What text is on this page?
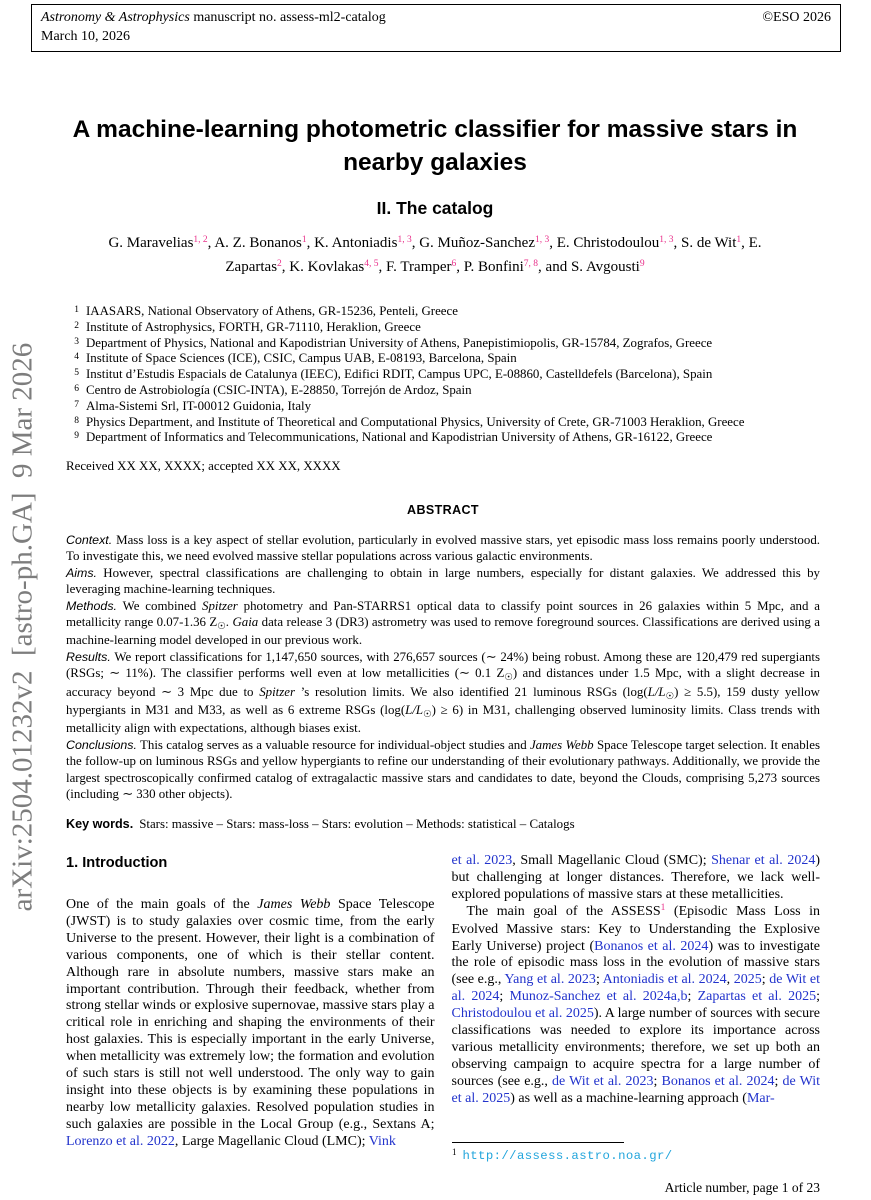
Astronomy & Astrophysics manuscript no. assess-ml2-catalog
March 10, 2026
©ESO 2026
arXiv:2504.01232v2  [astro-ph.GA]  9 Mar 2026
A machine-learning photometric classifier for massive stars in
nearby galaxies
II. The catalog
G. Maravelias$^{1, 2}$, A. Z. Bonanos$^1$, K. Antoniadis$^{1, 3}$, G. Muñoz-Sanchez$^{1, 3}$, E. Christodoulou$^{1, 3}$, S. de Wit$^1$, E.
Zapartas$^2$, K. Kovlakas$^{4, 5}$, F. Tramper$^6$, P. Bonfini$^{7, 8}$, and S. Avgousti$^9$
1 IAASARS, National Observatory of Athens, GR-15236, Penteli, Greece
2 Institute of Astrophysics, FORTH, GR-71110, Heraklion, Greece
3 Department of Physics, National and Kapodistrian University of Athens, Panepistimiopolis, GR-15784, Zografos, Greece
4 Institute of Space Sciences (ICE), CSIC, Campus UAB, E-08193, Barcelona, Spain
5 Institut d’Estudis Espacials de Catalunya (IEEC), Edifici RDIT, Campus UPC, E-08860, Castelldefels (Barcelona), Spain
6 Centro de Astrobiología (CSIC-INTA), E-28850, Torrejón de Ardoz, Spain
7 Alma-Sistemi Srl, IT-00012 Guidonia, Italy
8 Physics Department, and Institute of Theoretical and Computational Physics, University of Crete, GR-71003 Heraklion, Greece
9 Department of Informatics and Telecommunications, National and Kapodistrian University of Athens, GR-16122, Greece
Received XX XX, XXXX; accepted XX XX, XXXX
ABSTRACT

Context. Mass loss is a key aspect of stellar evolution, particularly in evolved massive stars, yet episodic mass loss remains poorly understood. To investigate this, we need evolved massive stellar populations across various galactic environments.

Aims. However, spectral classifications are challenging to obtain in large numbers, especially for distant galaxies. We addressed this by leveraging machine-learning techniques.

Methods. We combined Spitzer photometry and Pan-STARRS1 optical data to classify point sources in 26 galaxies within 5 Mpc, and a metallicity range 0.07-1.36 $Z_☉$. Gaia data release 3 (DR3) astrometry was used to remove foreground sources. Classifications are derived using a machine-learning model developed in our previous work.

Results. We report classifications for 1,147,650 sources, with 276,657 sources (∼ 24%) being robust. Among these are 120,479 red supergiants (RSGs; ∼ 11%). The classifier performs well even at low metallicities (∼ 0.1 $Z_☉$) and distances under 1.5 Mpc, with a slight decrease in accuracy beyond ∼ 3 Mpc due to Spitzer ’s resolution limits. We also identified 21 luminous RSGs $(\log(L/L_☉) \ge 5.5)$, 159 dusty yellow hypergiants in M31 and M33, as well as 6 extreme RSGs $(\log(L/L_☉) \ge 6)$ in M31, challenging observed luminosity limits. Class trends with metallicity align with expectations, although biases exist.

Conclusions. This catalog serves as a valuable resource for individual-object studies and James Webb Space Telescope target selection. It enables the follow-up on luminous RSGs and yellow hypergiants to refine our understanding of their evolutionary pathways. Additionally, we provide the largest spectroscopically confirmed catalog of extragalactic massive stars and candidates to date, beyond the Clouds, comprising 5,273 sources (including ∼ 330 other objects).

Key words. Stars: massive – Stars: mass-loss – Stars: evolution – Methods: statistical – Catalogs
1. Introduction

One of the main goals of the James Webb Space Telescope (JWST) is to study galaxies over cosmic time, from the early Universe to the present. However, their light is a combination of various components, one of which is their stellar content. Although rare in absolute numbers, massive stars make an important contribution. Through their feedback, whether from strong stellar winds or explosive supernovae, massive stars play a critical role in enriching and shaping the environments of their host galaxies. This is especially important in the early Universe, when metallicity was extremely low; the formation and evolution of such stars is still not well understood. The only way to gain insight into these objects is by examining these populations in nearby low metallicity galaxies. Resolved population studies in such galaxies are possible in the Local Group (e.g., Sextans A; Lorenzo et al. 2022, Large Magellanic Cloud (LMC); Vink

et al. 2023, Small Magellanic Cloud (SMC); Shenar et al. 2024) but challenging at longer distances. Therefore, we lack well-explored populations of massive stars at these metallicities.

The main goal of the ASSESS$^1$ (Episodic Mass Loss in Evolved Massive stars: Key to Understanding the Explosive Early Universe) project (Bonanos et al. 2024) was to investigate the role of episodic mass loss in the evolution of massive stars (see e.g., Yang et al. 2023; Antoniadis et al. 2024, 2025; de Wit et al. 2024; Munoz-Sanchez et al. 2024a,b; Zapartas et al. 2025; Christodoulou et al. 2025). A large number of sources with secure classifications was needed to explore its importance across various metallicity environments; therefore, we set up both an observing campaign to acquire spectra for a large number of sources (see e.g., de Wit et al. 2023; Bonanos et al. 2024; de Wit et al. 2025) as well as a machine-learning approach (Mar-

$^1$ http://assess.astro.noa.gr/
Article number, page 1 of 23
